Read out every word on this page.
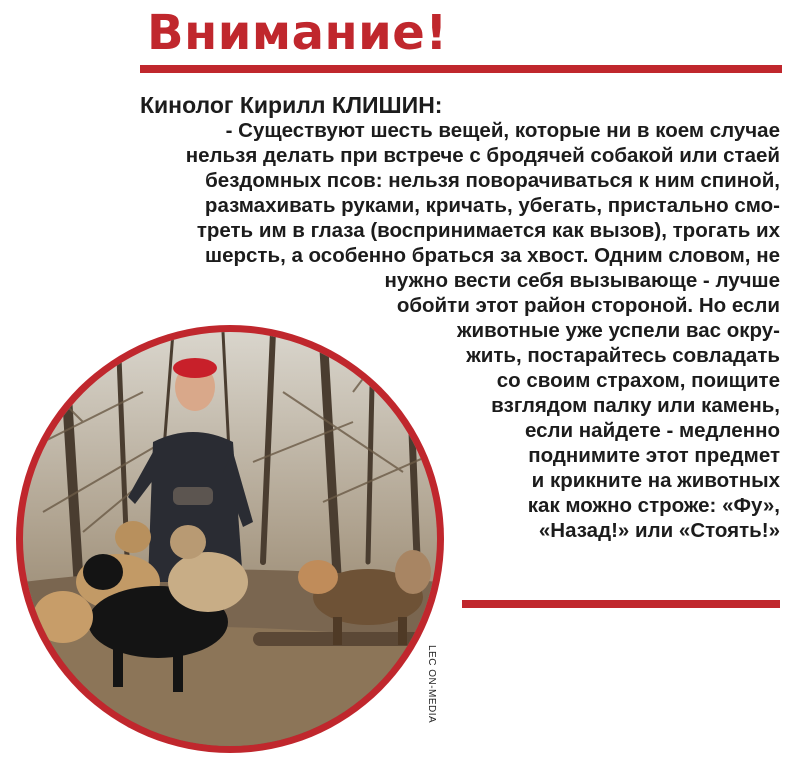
Внимание!
Кинолог Кирилл КЛИШИН:
- Существуют шесть вещей, которые ни в коем случае
нельзя делать при встрече с бродячей собакой или стаей
бездомных псов: нельзя поворачиваться к ним спиной,
размахивать руками, кричать, убегать, пристально смо-
треть им в глаза (воспринимается как вызов), трогать их
шерсть, а особенно браться за хвост. Одним словом, не
нужно вести себя вызывающе - лучше
обойти этот район стороной. Но если
животные уже успели вас окру-
жить, постарайтесь совладать
со своим страхом, поищите
взглядом палку или камень,
если найдете - медленно
поднимите этот предмет
и крикните на животных
как можно строже: «Фу»,
«Назад!» или «Стоять!»
LEC ON-MEDIA
